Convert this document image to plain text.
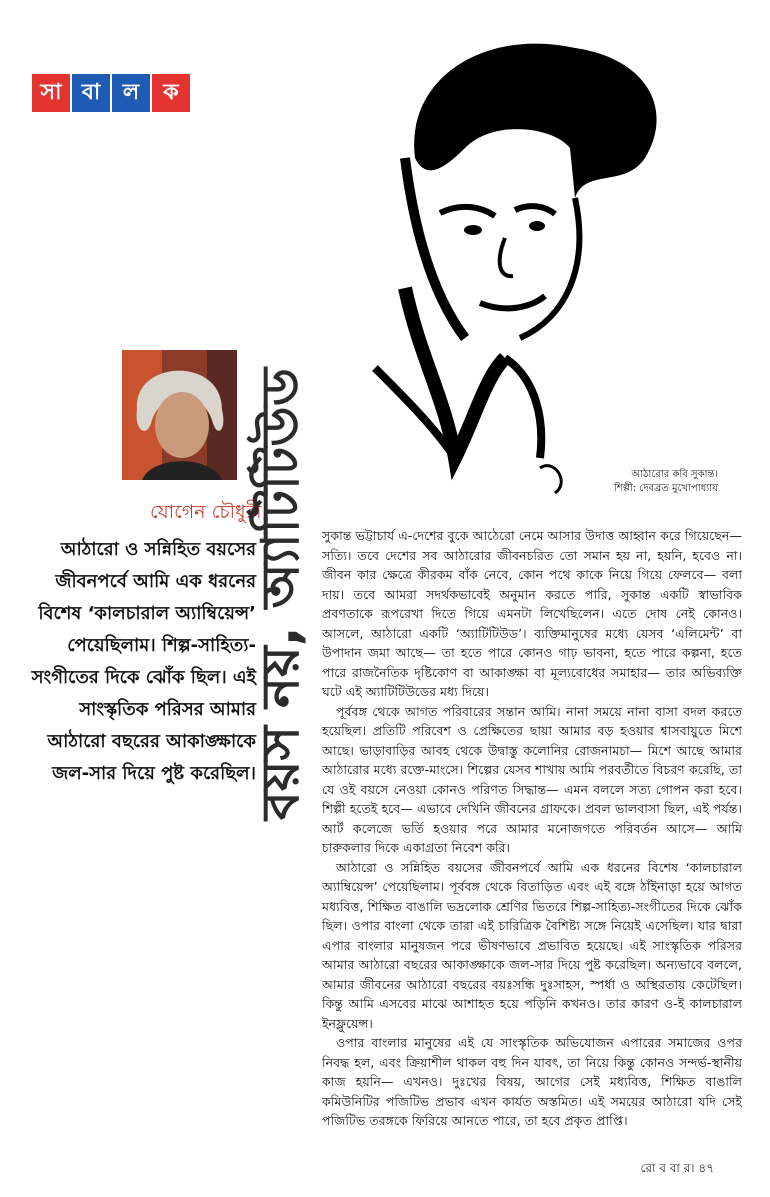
সা বা	ল	ক
আঠারোর কবি সুকান্ত।
শিল্পী: দেবব্রত মুখোপাধ্যায়
যোগেন চৌধুরী
আঠারো ও সন্নিহিত বয়সের জীবনপর্বে আমি এক ধরনের বিশেষ ‘কালচারাল অ্যাম্বিয়েন্স’ পেয়েছিলাম। শিল্প-সাহিত্য-সংগীতের দিকে ঝোঁক ছিল। এই সাংস্কৃতিক পরিসর আমার আঠারো বছরের আকাঙ্ক্ষাকে জল-সার দিয়ে পুষ্ট করেছিল।
বয়স নয়, অ্যাটিটিউড সুকান্ত ভট্টাচার্য এ-দেশের বুকে আঠেরো নেমে আসার উদাত্ত আহ্বান করে গিয়েছেন— সত্যি। তবে দেশের সব আঠারোর জীবনচরিত তো সমান হয় না, হয়নি, হবেও না। জীবন কার ক্ষেত্রে কীরকম বাঁক নেবে, কোন পথে কাকে নিয়ে গিয়ে ফেলবে— বলা দায়। তবে আমরা সদর্থকভাবেই অনুমান করতে পারি, সুকান্ত একটি স্বাভাবিক প্রবণতাকে রূপরেখা দিতে গিয়ে এমনটা লিখেছিলেন। এতে দোষ নেই কোনও। আসলে, আঠারো একটি ‘অ্যাটিটিউড’। ব্যক্তিমানুষের মধ্যে যেসব ‘এলিমেন্ট’ বা উপাদান জমা আছে— তা হতে পারে কোনও গাঢ় ভাবনা, হতে পারে কল্পনা, হতে পারে রাজনৈতিক দৃষ্টিকোণ বা আকাঙ্ক্ষা বা মূল্যবোধের সমাহার— তার অভিব্যক্তি ঘটে এই অ্যাটিটিউডের মধ্য দিয়ে।

পূর্ববঙ্গ থেকে আগত পরিবারের সন্তান আমি। নানা সময়ে নানা বাসা বদল করতে হয়েছিল। প্রতিটি পরিবেশ ও প্রেক্ষিতের ছায়া আমার বড় হওয়ার শ্বাসবায়ুতে মিশে আছে। ভাড়াবাড়ির আবহ থেকে উদ্বাস্তু কলোনির রোজনামচা— মিশে আছে আমার আঠারোর মধ্যে রক্তে-মাংসে। শিল্পের যেসব শাখায় আমি পরবর্তীতে বিচরণ করেছি, তা যে ওই বয়সে নেওয়া কোনও পরিণত সিদ্ধান্ত— এমন বললে সত্য গোপন করা হবে। শিল্পী হতেই হবে— এভাবে দেখিনি জীবনের গ্রাফকে। প্রবল ভালবাসা ছিল, এই পর্যন্ত। আর্ট কলেজে ভর্তি হওয়ার পরে আমার মনোজগতে পরিবর্তন আসে— আমি চারুকলার দিকে একাগ্রতা নিবেশ করি।

আঠারো ও সন্নিহিত বয়সের জীবনপর্বে আমি এক ধরনের বিশেষ ‘কালচারাল অ্যাম্বিয়েন্স’ পেয়েছিলাম। পূর্ববঙ্গ থেকে বিতাড়িত এবং এই বঙ্গে ঠাঁইনাড়া হয়ে আগত মধ্যবিত্ত, শিক্ষিত বাঙালি ভদ্রলোক শ্রেণির ভিতরে শিল্প-সাহিত্য-সংগীতের দিকে ঝোঁক ছিল। ওপার বাংলা থেকে তারা এই চারিত্রিক বৈশিষ্ট্য সঙ্গে নিয়েই এসেছিল। যার দ্বারা এপার বাংলার মানুষজন পরে ভীষণভাবে প্রভাবিত হয়েছে। এই সাংস্কৃতিক পরিসর আমার আঠারো বছরের আকাঙ্ক্ষাকে জল-সার দিয়ে পুষ্ট করেছিল। অন্যভাবে বললে, আমার জীবনের আঠারো বছরের বয়ঃসন্ধি দুঃসাহস, স্পর্ধা ও অস্থিরতায় কেটেছিল। কিন্তু আমি এসবের মাঝে আশাহত হয়ে পড়িনি কখনও। তার কারণ ও-ই কালচারাল ইনফ্লুয়েন্স।

ওপার বাংলার মানুষের এই যে সাংস্কৃতিক অভিযোজন এপারের সমাজের ওপর নিবদ্ধ হল, এবং ক্রিয়াশীল থাকল বহু দিন যাবৎ, তা নিয়ে কিন্তু কোনও সন্দর্ভ-স্থানীয় কাজ হয়নি— এখনও। দুঃখের বিষয়, আগের সেই মধ্যবিত্ত, শিক্ষিত বাঙালি কমিউনিটির পজিটিভ প্রভাব এখন কার্যত অস্তমিত। এই সময়ের আঠারো যদি সেই পজিটিভ তরঙ্গকে ফিরিয়ে আনতে পারে, তা হবে প্রকৃত প্রাপ্তি।

রো ব বা র। ৪৭
